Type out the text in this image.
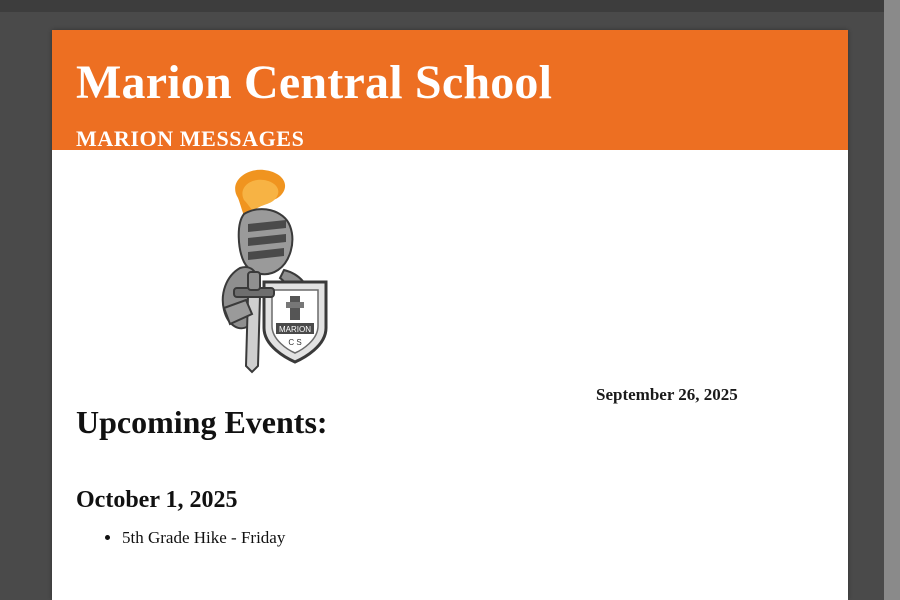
Marion Central School
MARION MESSAGES
MARION
C S
September 26, 2025
Upcoming Events:
October 1, 2025
• 5th Grade Hike - Friday
